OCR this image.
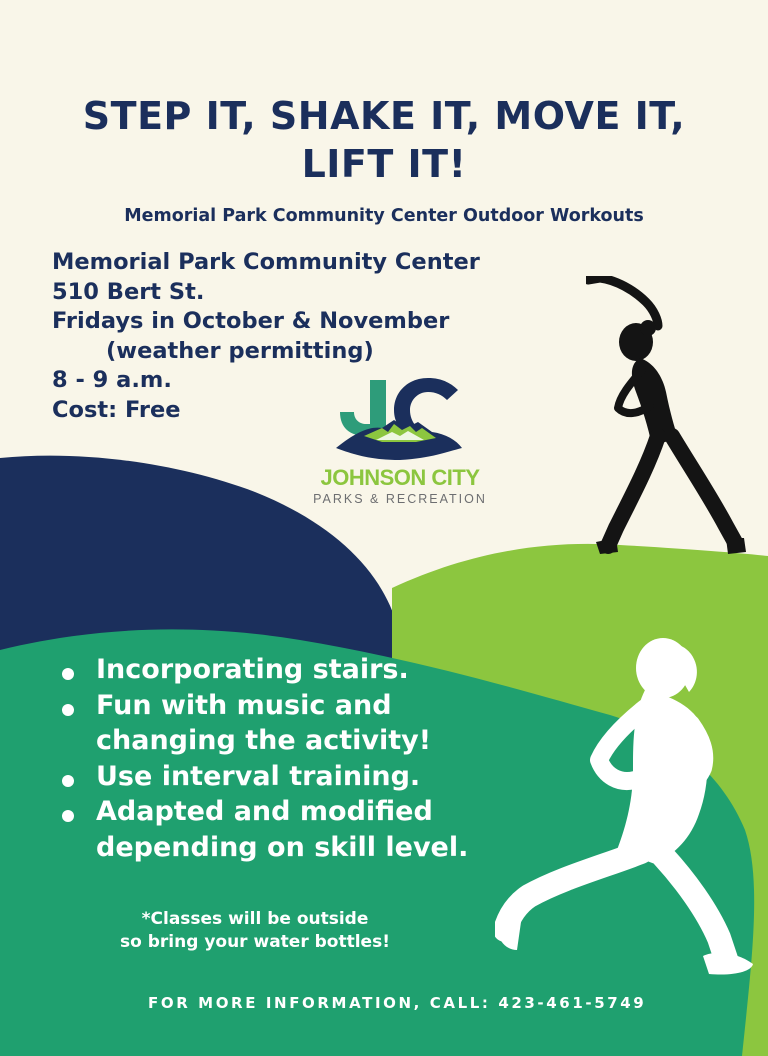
STEP IT, SHAKE IT, MOVE IT,
LIFT IT!
Memorial Park Community Center Outdoor Workouts
Memorial Park Community Center
510 Bert St.
Fridays in October & November
(weather permitting)
8 - 9 a.m.
Cost: Free
JOHNSON CITY
PARKS & RECREATION
Incorporating stairs.
Fun with music and
changing the activity!
Use interval training.
Adapted and modified
depending on skill level.
*Classes will be outside
so bring your water bottles!
FOR MORE INFORMATION, CALL: 423-461-5749
